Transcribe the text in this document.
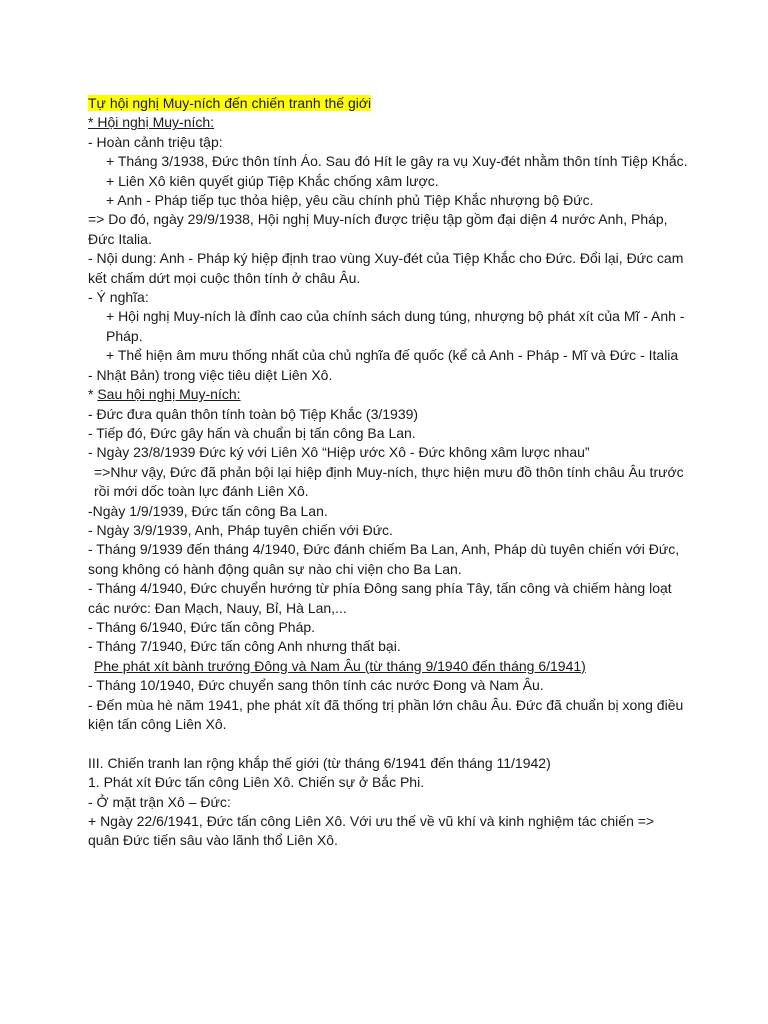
Tự hội nghị Muy-ních đến chiến tranh thế giới
* Hội nghị Muy-ních:
- Hoàn cảnh triệu tập:
+ Tháng 3/1938, Đức thôn tính Áo. Sau đó Hít le gây ra vụ Xuy-đét nhằm thôn tính Tiệp Khắc.
+ Liên Xô kiên quyết giúp Tiệp Khắc chống xâm lược.
+ Anh - Pháp tiếp tục thỏa hiệp, yêu cầu chính phủ Tiệp Khắc nhượng bộ Đức.
=> Do đó, ngày 29/9/1938, Hội nghị Muy-ních được triệu tập gồm đại diện 4 nước Anh, Pháp, Đức Italia.
- Nội dung: Anh - Pháp ký hiệp định trao vùng Xuy-đét của Tiệp Khắc cho Đức. Đổi lại, Đức cam kết chấm dứt mọi cuộc thôn tính ở châu Âu.
- Ý nghĩa:
+ Hội nghị Muy-ních là đỉnh cao của chính sách dung túng, nhượng bộ phát xít của Mĩ - Anh - Pháp.
+ Thể hiện âm mưu thống nhất của chủ nghĩa đế quốc (kể cả Anh - Pháp - Mĩ và Đức - Italia
- Nhật Bản) trong việc tiêu diệt Liên Xô.
* Sau hội nghị Muy-ních:
- Đức đưa quân thôn tính toàn bộ Tiệp Khắc (3/1939)
- Tiếp đó, Đức gây hấn và chuẩn bị tấn công Ba Lan.
- Ngày 23/8/1939 Đức ký với Liên Xô “Hiệp ước Xô - Đức không xâm lược nhau”
=>Như vậy, Đức đã phản bội lại hiệp định Muy-ních, thực hiện mưu đồ thôn tính châu Âu trước rồi mới dốc toàn lực đánh Liên Xô.
-Ngày 1/9/1939, Đức tấn công Ba Lan.
- Ngày 3/9/1939, Anh, Pháp tuyên chiến với Đức.
- Tháng 9/1939 đến tháng 4/1940, Đức đánh chiếm Ba Lan, Anh, Pháp dù tuyên chiến với Đức, song không có hành động quân sự nào chi viện cho Ba Lan.
- Tháng 4/1940, Đức chuyển hướng từ phía Đông sang phía Tây, tấn công và chiếm hàng loạt các nước: Đan Mạch, Nauy, Bỉ, Hà Lan,...
- Tháng 6/1940, Đức tấn công Pháp.
- Tháng 7/1940, Đức tấn công Anh nhưng thất bại.
Phe phát xít bành trướng Đông và Nam Âu (từ tháng 9/1940 đến tháng 6/1941)
- Tháng 10/1940, Đức chuyển sang thôn tính các nước Đong và Nam Âu.
- Đến mùa hè năm 1941, phe phát xít đã thống trị phần lớn châu Âu. Đức đã chuẩn bị xong điều kiện tấn công Liên Xô.
III. Chiến tranh lan rộng khắp thế giới (từ tháng 6/1941 đến tháng 11/1942)
1. Phát xít Đức tấn công Liên Xô. Chiến sự ở Bắc Phi.
- Ở mặt trận Xô – Đức:
+ Ngày 22/6/1941, Đức tấn công Liên Xô. Với ưu thế về vũ khí và kinh nghiệm tác chiến => quân Đức tiến sâu vào lãnh thổ Liên Xô.
